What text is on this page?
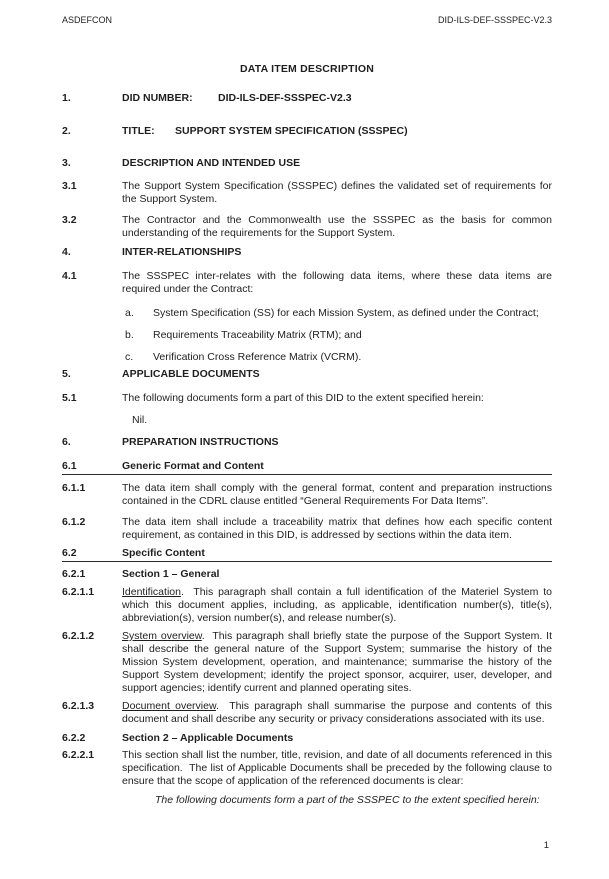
ASDEFCON	DID-ILS-DEF-SSSPEC-V2.3
DATA ITEM DESCRIPTION
1.	DID NUMBER: DID-ILS-DEF-SSSPEC-V2.3
2.	TITLE: SUPPORT SYSTEM SPECIFICATION (SSSPEC)
3.	DESCRIPTION AND INTENDED USE
3.1	The Support System Specification (SSSPEC) defines the validated set of requirements for the Support System.
3.2	The Contractor and the Commonwealth use the SSSPEC as the basis for common understanding of the requirements for the Support System.
4.	INTER-RELATIONSHIPS
4.1	The SSSPEC inter-relates with the following data items, where these data items are required under the Contract:
a.	System Specification (SS) for each Mission System, as defined under the Contract;
b.	Requirements Traceability Matrix (RTM); and
c.	Verification Cross Reference Matrix (VCRM).
5.	APPLICABLE DOCUMENTS
5.1	The following documents form a part of this DID to the extent specified herein:
Nil.
6.	PREPARATION INSTRUCTIONS
6.1	Generic Format and Content
6.1.1	The data item shall comply with the general format, content and preparation instructions contained in the CDRL clause entitled “General Requirements For Data Items”.
6.1.2	The data item shall include a traceability matrix that defines how each specific content requirement, as contained in this DID, is addressed by sections within the data item.
6.2	Specific Content
6.2.1	Section 1 – General
6.2.1.1	Identification.  This paragraph shall contain a full identification of the Materiel System to which this document applies, including, as applicable, identification number(s), title(s), abbreviation(s), version number(s), and release number(s).
6.2.1.2	System overview.  This paragraph shall briefly state the purpose of the Support System. It shall describe the general nature of the Support System; summarise the history of the Mission System development, operation, and maintenance; summarise the history of the Support System development; identify the project sponsor, acquirer, user, developer, and support agencies; identify current and planned operating sites.
6.2.1.3	Document overview.  This paragraph shall summarise the purpose and contents of this document and shall describe any security or privacy considerations associated with its use.
6.2.2	Section 2 – Applicable Documents
6.2.2.1	This section shall list the number, title, revision, and date of all documents referenced in this specification.  The list of Applicable Documents shall be preceded by the following clause to ensure that the scope of application of the referenced documents is clear:
The following documents form a part of the SSSPEC to the extent specified herein:
1
